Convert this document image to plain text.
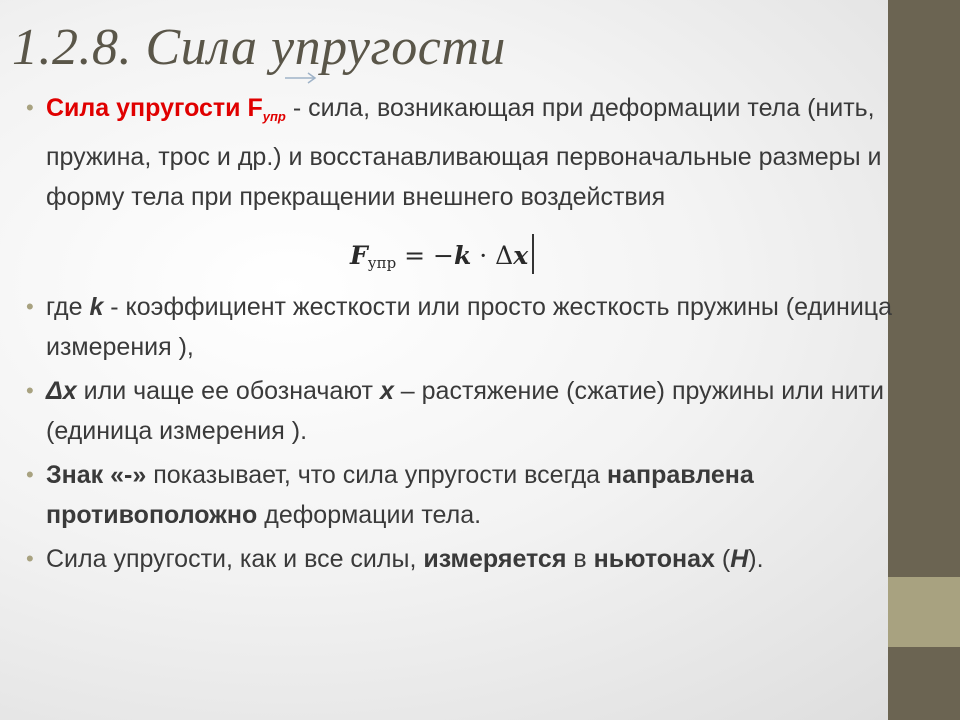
1.2.8. Сила упругости

• Сила упругости $F_{упр}$ - сила, возникающая при деформации тела (нить, пружина, трос и др.) и восстанавливающая первоначальные размеры и форму тела при прекращении внешнего воздействия

• где k - коэффициент жесткости или просто жесткость пружины (единица измерения ),

• Δx или чаще ее обозначают x – растяжение (сжатие) пружины или нити (единица измерения ).

• Знак «-» показывает, что сила упругости всегда направлена противоположно деформации тела.

• Сила упругости, как и все силы, измеряется в ньютонах (Н).

Fупр = −k · Δx
